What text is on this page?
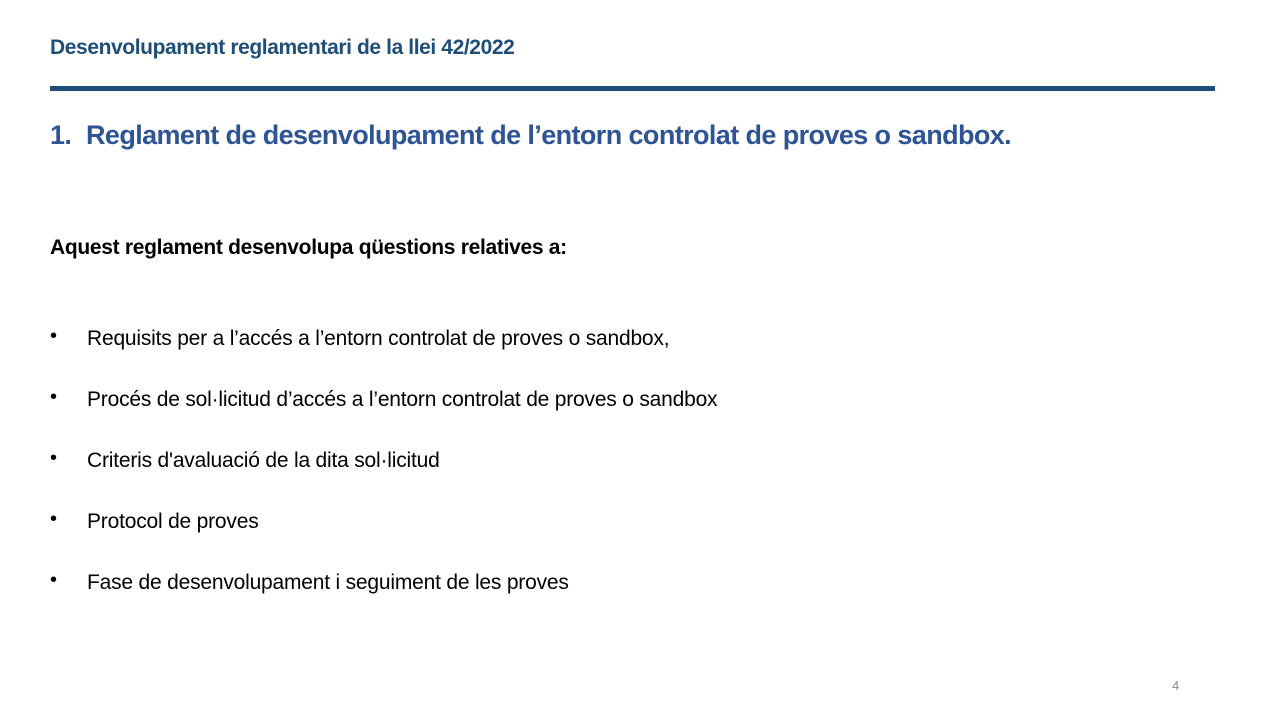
Desenvolupament reglamentari de la llei 42/2022
1. Reglament de desenvolupament de l’entorn controlat de proves o sandbox.
Aquest reglament desenvolupa qüestions relatives a:
• Requisits per a l’accés a l’entorn controlat de proves o sandbox,
• Procés de sol·licitud d’accés a l’entorn controlat de proves o sandbox
• Criteris d'avaluació de la dita sol·licitud
• Protocol de proves
• Fase de desenvolupament i seguiment de les proves
4
